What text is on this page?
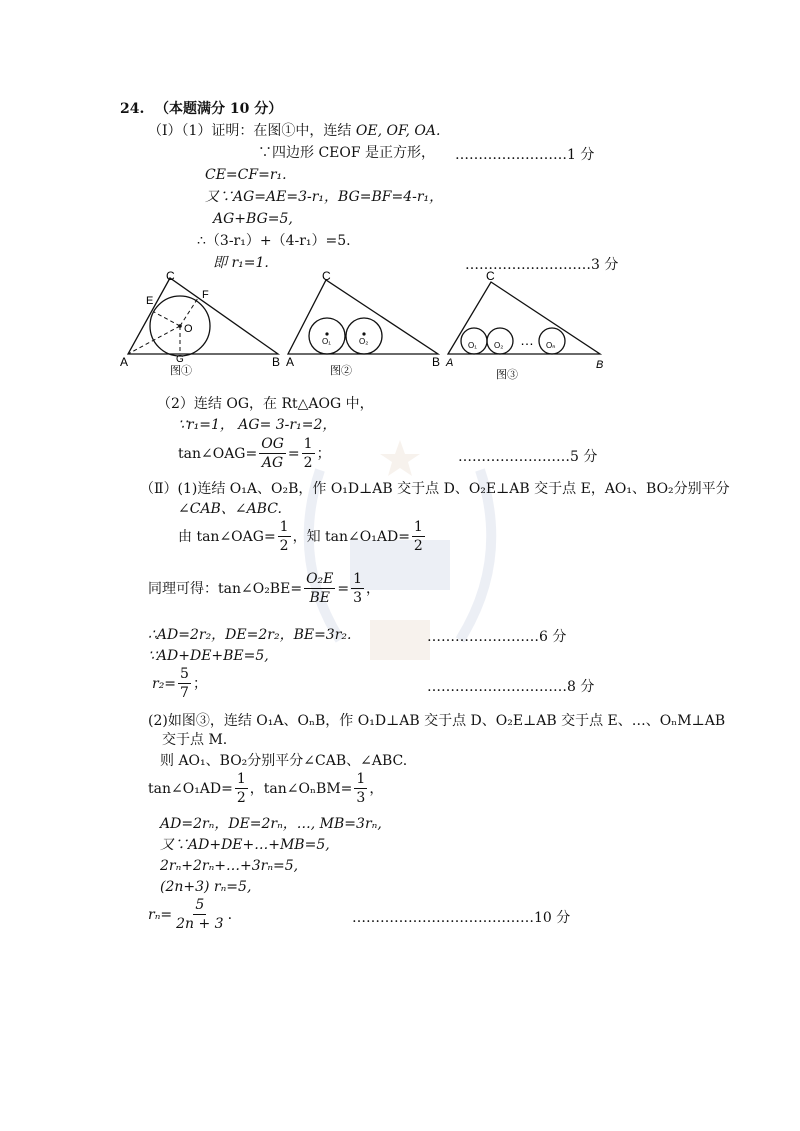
24. （本题满分 10 分）
（Ⅰ）（1）证明：在图①中，连结 OE, OF, OA.
∵四边形 CEOF 是正方形， ……………………1 分
CE=CF=r₁.
又∵AG=AE=3-r₁，BG=BF=4-r₁，
AG+BG=5,
∴（3-r₁）+（4-r₁）=5.
即 r₁=1.	………………………3 分
C
E	F
O
G
A	B
图①
C
O₁	O₂
A	B
图②
C
O₁ O₂	Oₙ
…
A	B
图③
（2）连结 OG，在 Rt△AOG 中，
∵r₁=1， AG= 3-r₁=2，
tan∠OAG= $\frac{OG}{AG} = \frac{1}{2}$ ；	……………………5 分
（Ⅱ）(1)连结 O₁A、O₂B，作 O₁D⊥AB 交于点 D、O₂E⊥AB 交于点 E，AO₁、BO₂分别平分
∠CAB、∠ABC.
由 tan∠OAG= $\frac{1}{2}$ ，知 tan∠O₁AD= $\frac{1}{2}$
同理可得：tan∠O₂BE= $\frac{\text{O₂E}}{BE} = \frac{1}{3}$ ，
∴AD=2r₂，DE=2r₂，BE=3r₂.	……………………6 分
∵AD+DE+BE=5,
$r_2= \frac{5}{7}$ ；	…………………………8 分
(2)如图③，连结 O₁A、OₙB，作 O₁D⊥AB 交于点 D、O₂E⊥AB 交于点 E、…、OₙM⊥AB
交于点 M.
则 AO₁、BO₂分别平分∠CAB、∠ABC.
tan∠O₁AD= $\frac{1}{2}$ ，tan∠OₙBM= $\frac{1}{3}$ ，
AD=2rₙ，DE=2rₙ，…, MB=3rₙ,
又∵AD+DE+…+MB=5,
2rₙ+2rₙ+…+3rₙ=5,
(2n+3) rₙ=5,
$r_n= \frac{5}{2n + 3}$ .	…………………………………10 分
